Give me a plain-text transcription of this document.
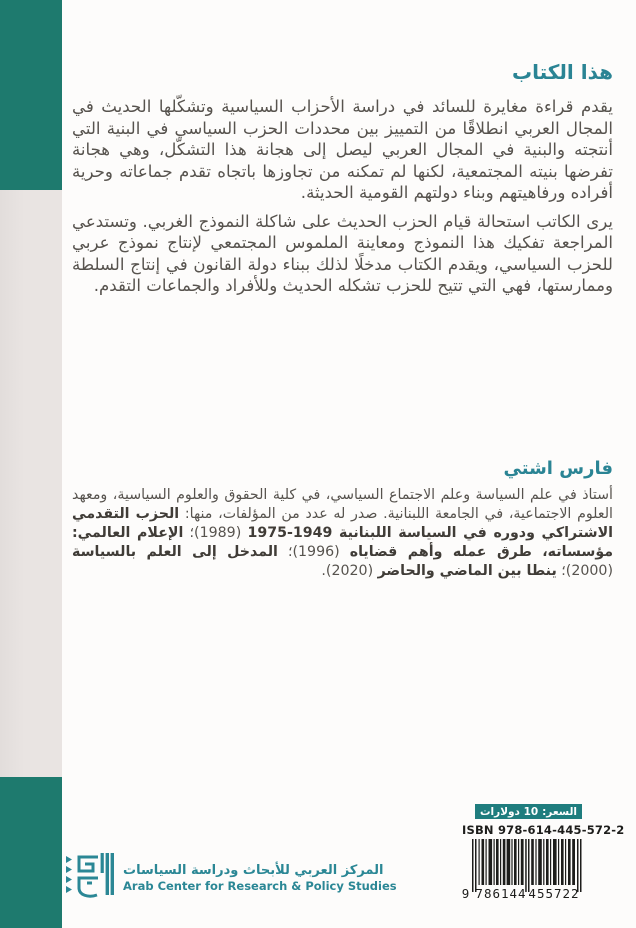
هذا الكتاب

يقدم قراءة مغايرة للسائد في دراسة الأحزاب السياسية وتشكّلها الحديث في المجال العربي انطلاقًا من التمييز بين محددات الحزب السياسي في البنية التي أنتجته والبنية في المجال العربي ليصل إلى هجانة هذا التشكّل، وهي هجانة تفرضها بنيته المجتمعية، لكنها لم تمكنه من تجاوزها باتجاه تقدم جماعاته وحرية أفراده ورفاهيتهم وبناء دولتهم القومية الحديثة.

يرى الكاتب استحالة قيام الحزب الحديث على شاكلة النموذج الغربي. وتستدعي المراجعة تفكيك هذا النموذج ومعاينة الملموس المجتمعي لإنتاج نموذج عربي للحزب السياسي، ويقدم الكتاب مدخلًا لذلك ببناء دولة القانون في إنتاج السلطة وممارستها، فهي التي تتيح للحزب تشكله الحديث وللأفراد والجماعات التقدم.

فارس اشتي

أستاذ في علم السياسة وعلم الاجتماع السياسي، في كلية الحقوق والعلوم السياسية، ومعهد العلوم الاجتماعية، في الجامعة اللبنانية. صدر له عدد من المؤلفات، منها: الحزب التقدمي الاشتراكي ودوره في السياسة اللبنانية 1949-1975 (1989)؛ الإعلام العالمي: مؤسساته، طرق عمله وأهم قضاياه (1996)؛ المدخل إلى العلم بالسياسة (2000)؛ ينطا بين الماضي والحاضر (2020).

السعر:
10 دولارات
ISBN 978-614-445-572-2
9 786144 455722
المركز العربي للأبحاث ودراسة السياسات
Arab Center for Research & Policy Studies
